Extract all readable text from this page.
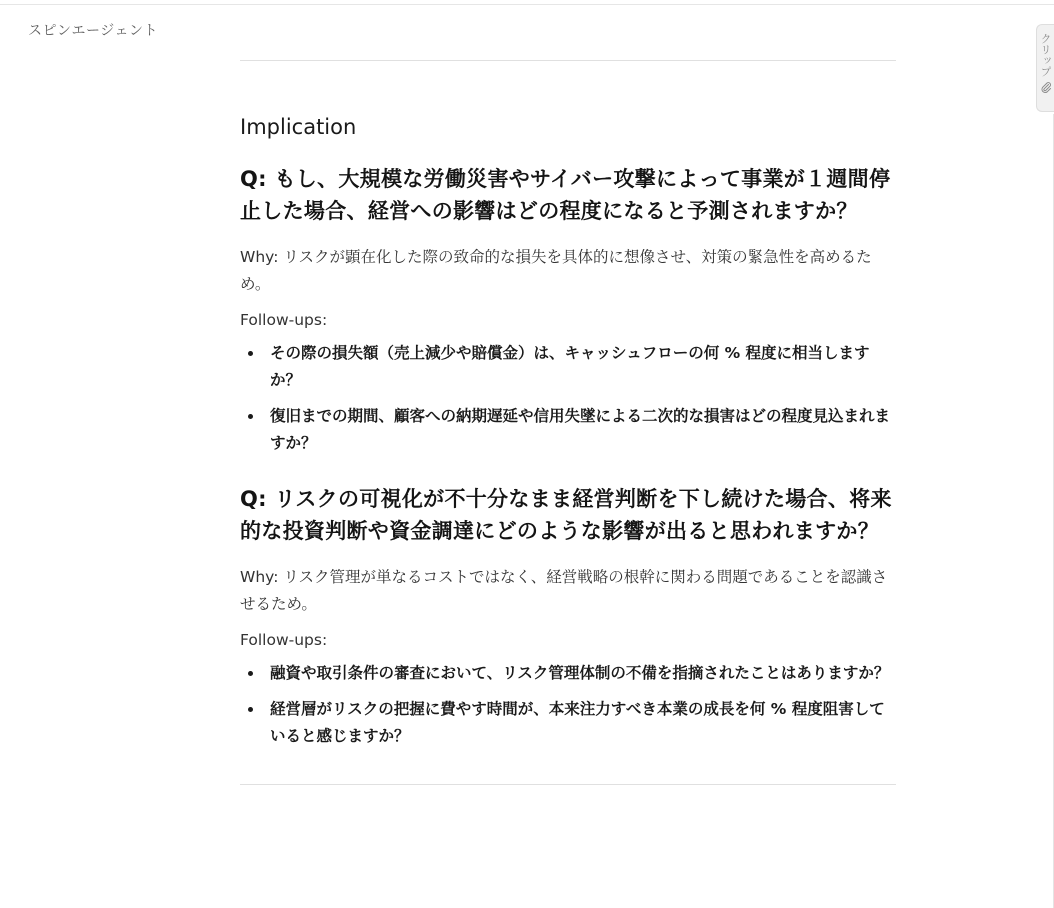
スピンエージェント
クリップ
Implication
Q: もし、大規模な労働災害やサイバー攻撃によって事業が１週間停止した場合、経営への影響はどの程度になると予測されますか？

Why: リスクが顕在化した際の致命的な損失を具体的に想像させ、対策の緊急性を高めるため。

Follow-ups:

その際の損失額（売上減少や賠償金）は、キャッシュフローの何 % 程度に相当しますか？
復旧までの期間、顧客への納期遅延や信用失墜による二次的な損害はどの程度見込まれますか？
Q: リスクの可視化が不十分なまま経営判断を下し続けた場合、将来的な投資判断や資金調達にどのような影響が出ると思われますか？

Why: リスク管理が単なるコストではなく、経営戦略の根幹に関わる問題であることを認識させるため。

Follow-ups:

融資や取引条件の審査において、リスク管理体制の不備を指摘されたことはありますか？
経営層がリスクの把握に費やす時間が、本来注力すべき本業の成長を何 % 程度阻害していると感じますか？
